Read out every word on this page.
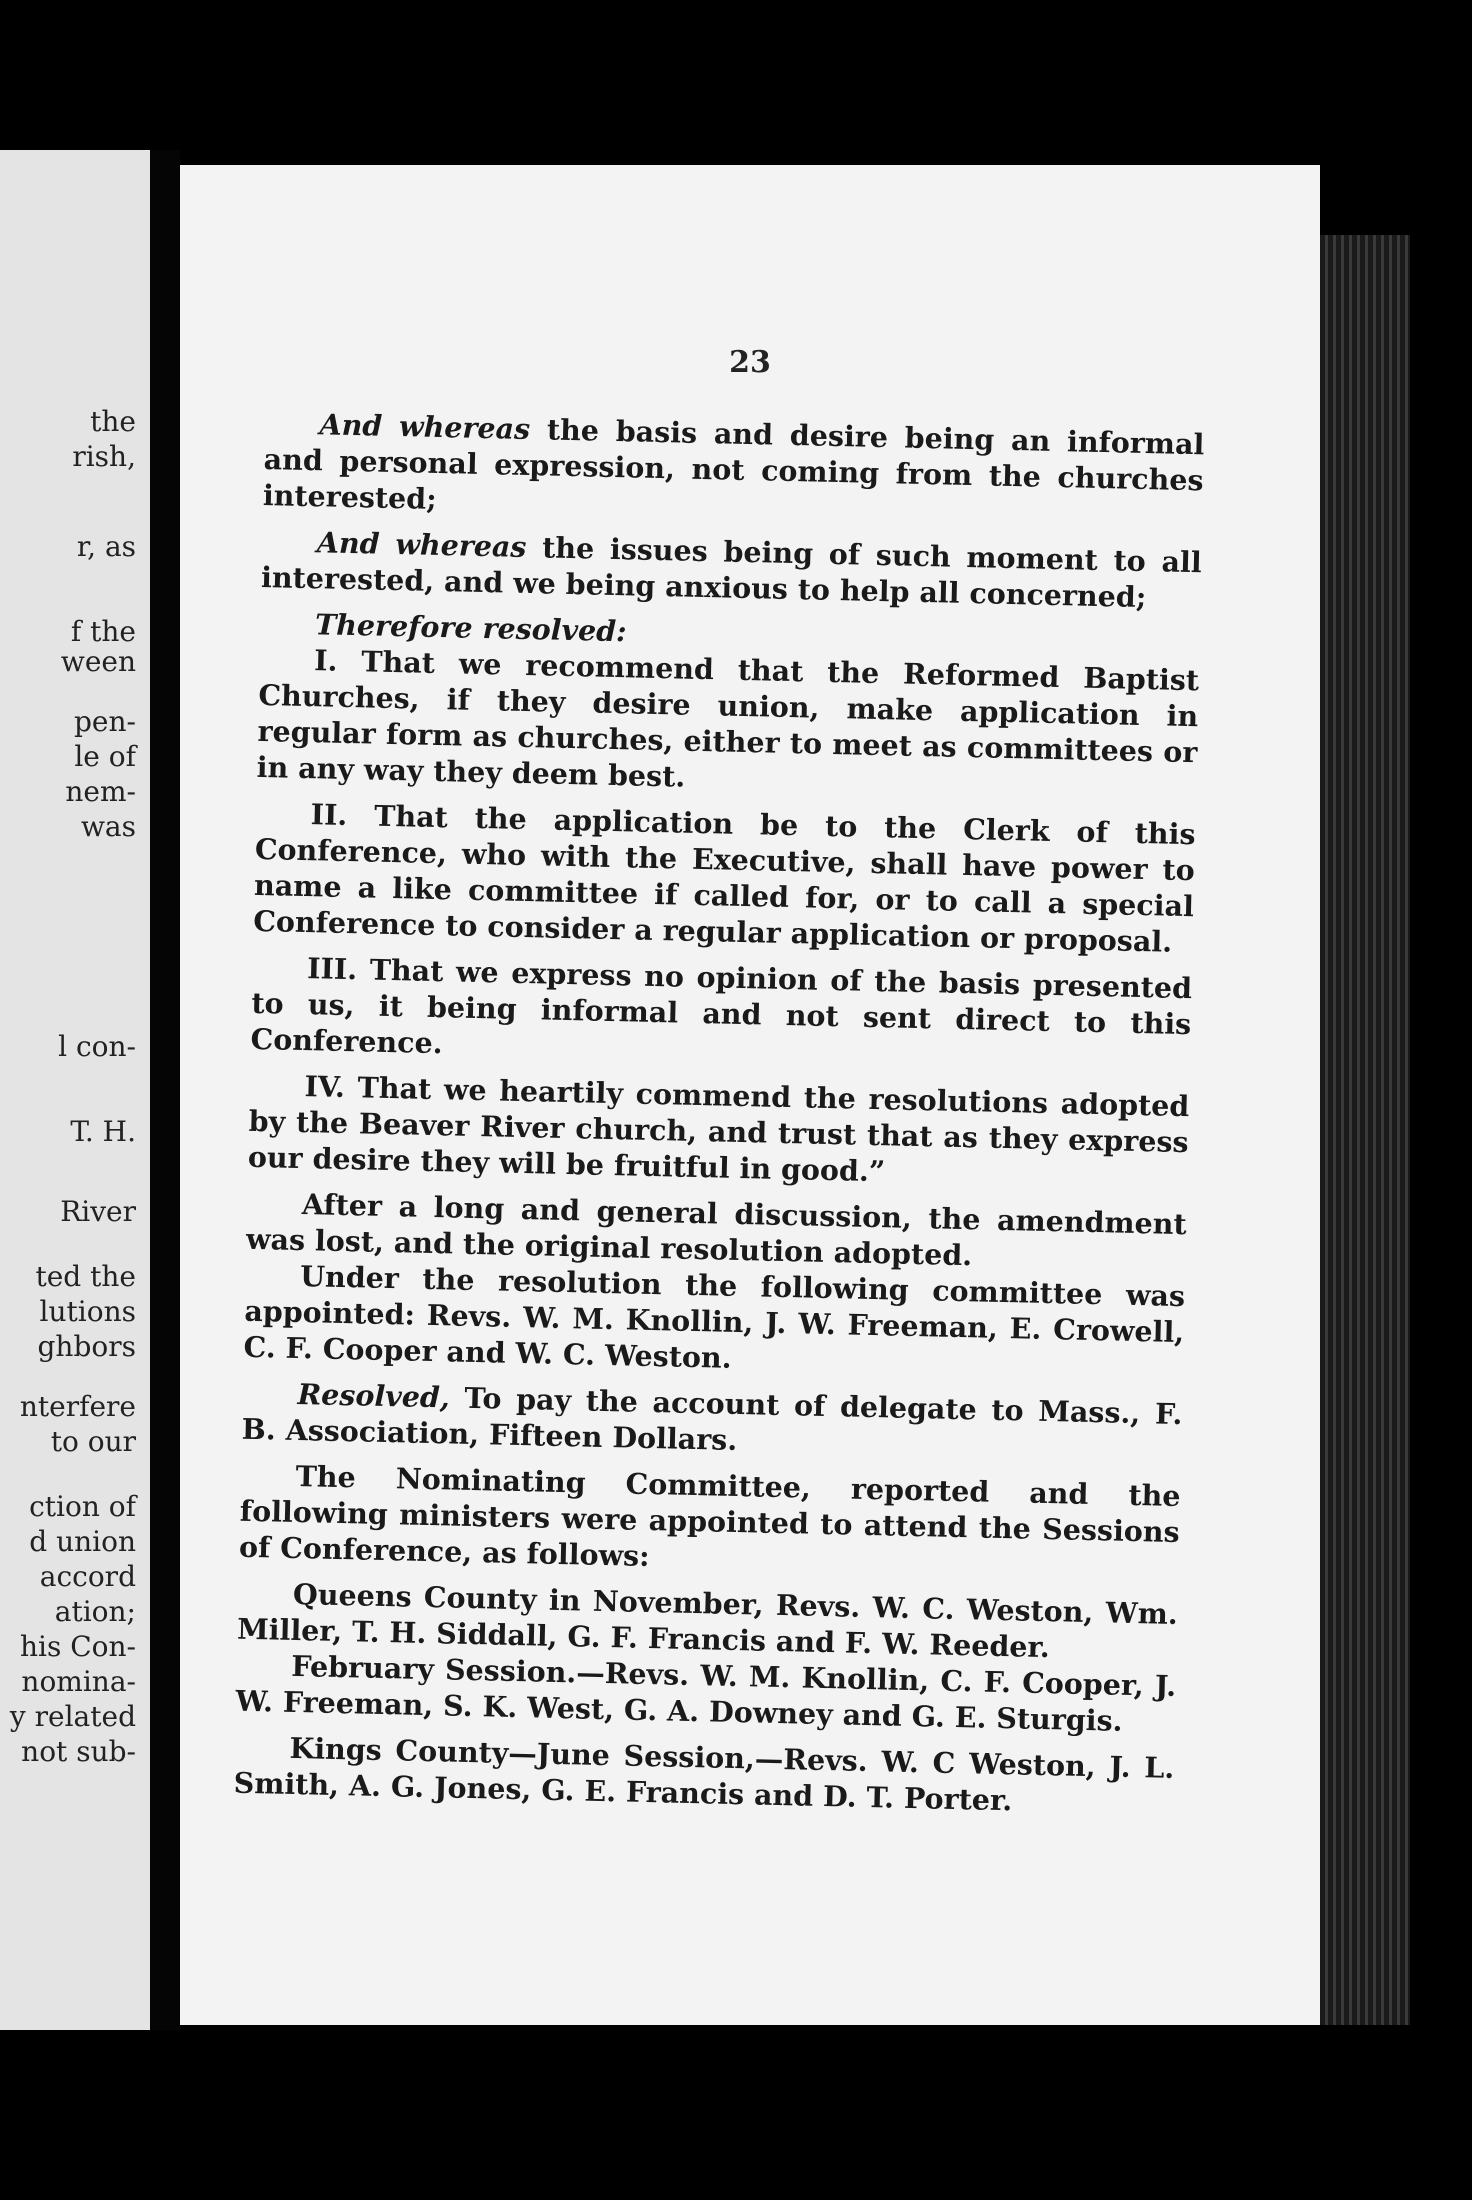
the
rish,
r, as
f the
ween
pen-
le of
nem-
was
l con-
T. H.
River
ted the
lutions
ghbors
nterfere
to our
ction of
d union
accord
ation;
his Con-
nomina-
y related
not sub-
23

And whereas the basis and desire being an informal and personal expression, not coming from the churches interested;

And whereas the issues being of such moment to all interested, and we being anxious to help all concerned;

Therefore resolved:

I. That we recommend that the Reformed Baptist Churches, if they desire union, make application in regular form as churches, either to meet as committees or in any way they deem best.

II. That the application be to the Clerk of this Conference, who with the Executive, shall have power to name a like committee if called for, or to call a special Conference to consider a regular application or proposal.

III. That we express no opinion of the basis presented to us, it being informal and not sent direct to this Conference.

IV. That we heartily commend the resolutions adopted by the Beaver River church, and trust that as they express our desire they will be fruitful in good.”

After a long and general discussion, the amendment was lost, and the original resolution adopted.

Under the resolution the following committee was appointed: Revs. W. M. Knollin, J. W. Freeman, E. Crowell, C. F. Cooper and W. C. Weston.

Resolved, To pay the account of delegate to Mass., F. B. Association, Fifteen Dollars.

The Nominating Committee, reported and the following ministers were appointed to attend the Sessions of Conference, as follows:

Queens County in November, Revs. W. C. Weston, Wm. Miller, T. H. Siddall, G. F. Francis and F. W. Reeder.

February Session.—Revs. W. M. Knollin, C. F. Cooper, J. W. Freeman, S. K. West, G. A. Downey and G. E. Sturgis.

Kings County—June Session,—Revs. W. C Weston, J. L. Smith, A. G. Jones, G. E. Francis and D. T. Porter.
